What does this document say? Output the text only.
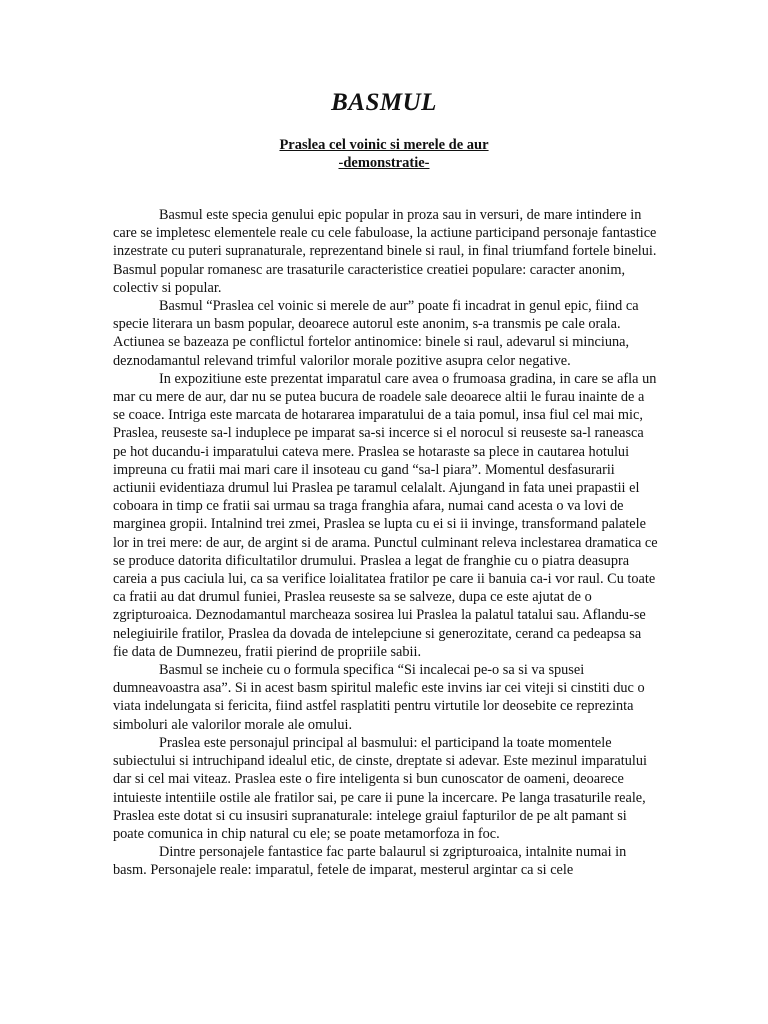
BASMUL
Praslea cel voinic si merele de aur
-demonstratie-

Basmul este specia genului epic popular in proza sau in versuri, de mare intindere in care se impletesc elementele reale cu cele fabuloase, la actiune participand personaje fantastice inzestrate cu puteri supranaturale, reprezentand binele si raul, in final triumfand fortele binelui. Basmul popular romanesc are trasaturile caracteristice creatiei populare: caracter anonim, colectiv si popular.

Basmul “Praslea cel voinic si merele de aur” poate fi incadrat in genul epic, fiind ca specie literara un basm popular, deoarece autorul este anonim, s-a transmis pe cale orala. Actiunea se bazeaza pe conflictul fortelor antinomice: binele si raul, adevarul si minciuna, deznodamantul relevand trimful valorilor morale pozitive asupra celor negative.

In expozitiune este prezentat imparatul care avea o frumoasa gradina, in care se afla un mar cu mere de aur, dar nu se putea bucura de roadele sale deoarece altii le furau inainte de a se coace. Intriga este marcata de hotararea imparatului de a taia pomul, insa fiul cel mai mic, Praslea, reuseste sa-l induplece pe imparat sa-si incerce si el norocul si reuseste sa-l raneasca pe hot ducandu-i imparatului cateva mere. Praslea se hotaraste sa plece in cautarea hotului impreuna cu fratii mai mari care il insoteau cu gand “sa-l piara”. Momentul desfasurarii actiunii evidentiaza drumul lui Praslea pe taramul celalalt. Ajungand in fata unei prapastii el coboara in timp ce fratii sai urmau sa traga franghia afara, numai cand acesta o va lovi de marginea gropii. Intalnind trei zmei, Praslea se lupta cu ei si ii invinge, transformand palatele lor in trei mere: de aur, de argint si de arama. Punctul culminant releva inclestarea dramatica ce se produce datorita dificultatilor drumului. Praslea a legat de franghie cu o piatra deasupra careia a pus caciula lui, ca sa verifice loialitatea fratilor pe care ii banuia ca-i vor raul. Cu toate ca fratii au dat drumul funiei, Praslea reuseste sa se salveze, dupa ce este ajutat de o zgripturoaica. Deznodamantul marcheaza sosirea lui Praslea la palatul tatalui sau. Aflandu-se nelegiuirile fratilor, Praslea da dovada de intelepciune si generozitate, cerand ca pedeapsa sa fie data de Dumnezeu, fratii pierind de propriile sabii.

Basmul se incheie cu o formula specifica “Si incalecai pe-o sa si va spusei dumneavoastra asa”. Si in acest basm spiritul malefic este invins iar cei viteji si cinstiti duc o viata indelungata si fericita, fiind astfel rasplatiti pentru virtutile lor deosebite ce reprezinta simboluri ale valorilor morale ale omului.

Praslea este personajul principal al basmului: el participand la toate momentele subiectului si intruchipand idealul etic, de cinste, dreptate si adevar. Este mezinul imparatului dar si cel mai viteaz. Praslea este o fire inteligenta si bun cunoscator de oameni, deoarece intuieste intentiile ostile ale fratilor sai, pe care ii pune la incercare. Pe langa trasaturile reale, Praslea este dotat si cu insusiri supranaturale: intelege graiul fapturilor de pe alt pamant si poate comunica in chip natural cu ele; se poate metamorfoza in foc.

Dintre personajele fantastice fac parte balaurul si zgripturoaica, intalnite numai in basm. Personajele reale: imparatul, fetele de imparat, mesterul argintar ca si cele
